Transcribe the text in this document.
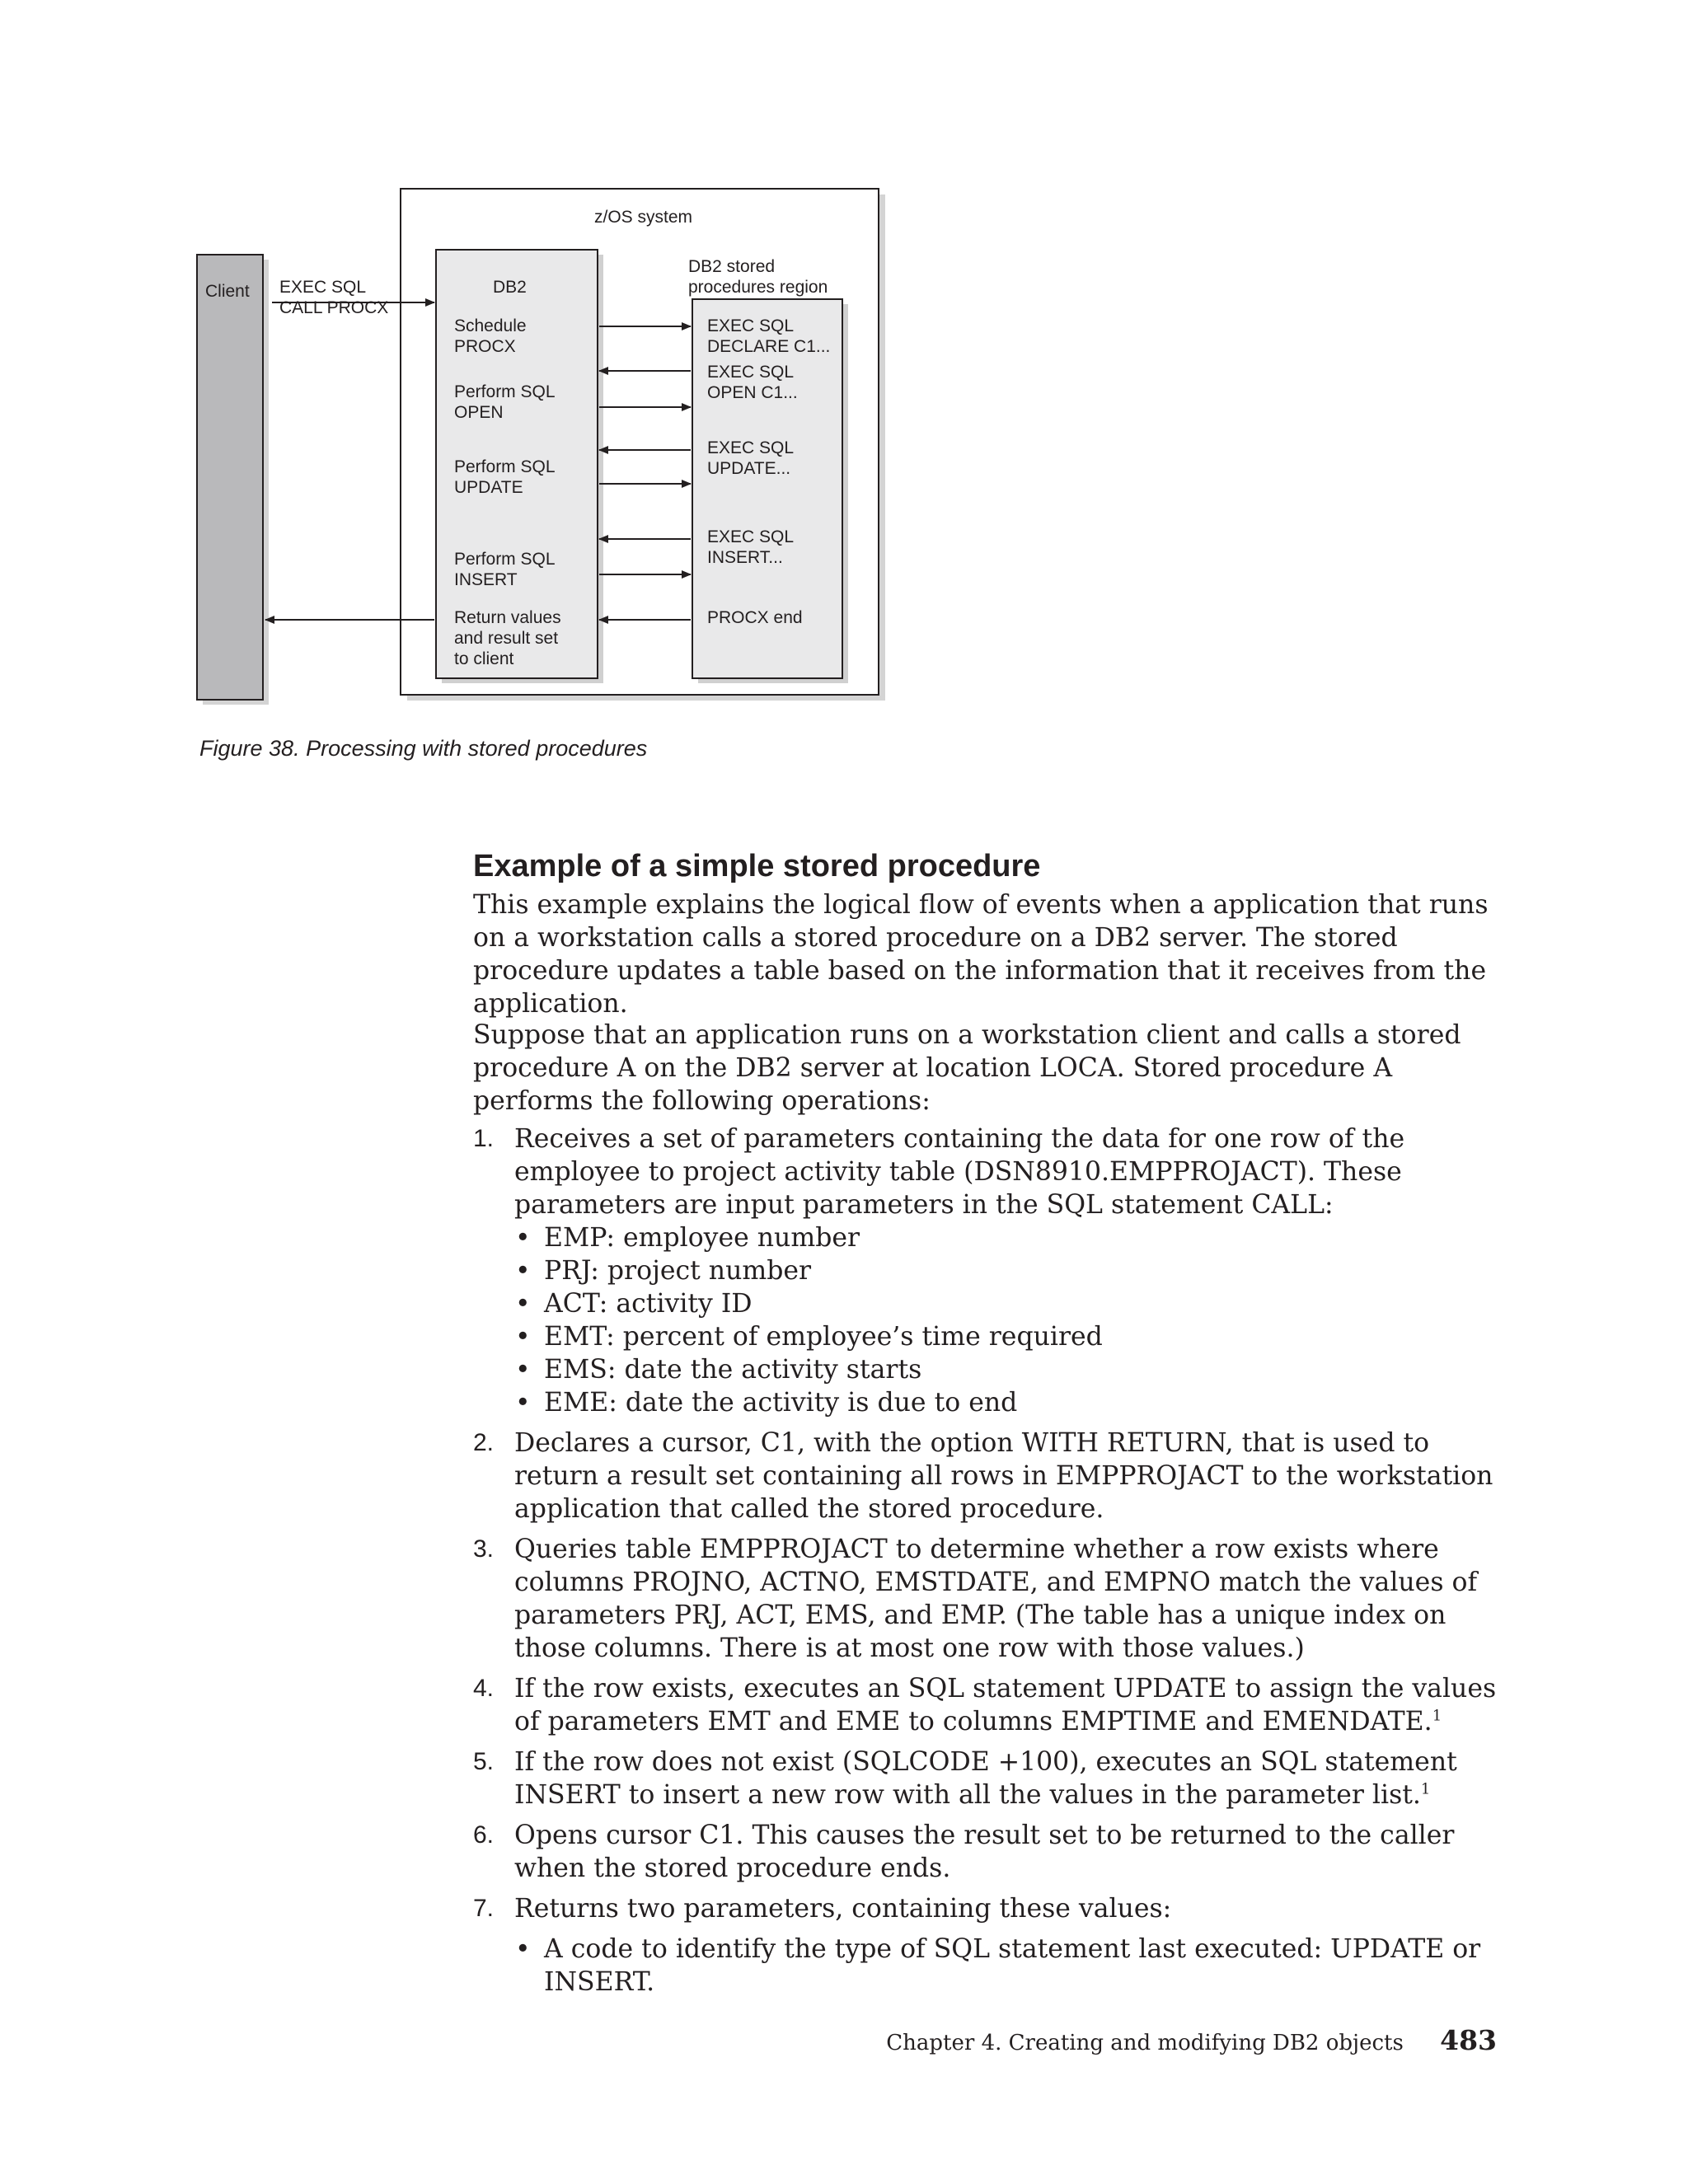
z/OS system
Client EXEC SQL
CALL PROCX
DB2
DB2 stored
procedures region
Schedule
PROCX
Perform SQL
OPEN
Perform SQL
UPDATE
Perform SQL
INSERT
Return values
and result set
to client
EXEC SQL
DECLARE C1...
EXEC SQL
OPEN C1...
EXEC SQL
UPDATE...
EXEC SQL
INSERT...
PROCX end
Figure 38. Processing with stored procedures
Example of a simple stored procedure

This example explains the logical flow of events when a application that runs on a workstation calls a stored procedure on a DB2 server. The stored procedure updates a table based on the information that it receives from the application.

Suppose that an application runs on a workstation client and calls a stored procedure A on the DB2 server at location LOCA. Stored procedure A performs the following operations:

1. Receives a set of parameters containing the data for one row of the employee to project activity table (DSN8910.EMPPROJACT). These parameters are input parameters in the SQL statement CALL:
• EMP: employee number
• PRJ: project number
• ACT: activity ID
• EMT: percent of employee’s time required
• EMS: date the activity starts
• EME: date the activity is due to end
2. Declares a cursor, C1, with the option WITH RETURN, that is used to return a result set containing all rows in EMPPROJACT to the workstation application that called the stored procedure.
3. Queries table EMPPROJACT to determine whether a row exists where columns PROJNO, ACTNO, EMSTDATE, and EMPNO match the values of parameters PRJ, ACT, EMS, and EMP. (The table has a unique index on those columns. There is at most one row with those values.)
4. If the row exists, executes an SQL statement UPDATE to assign the values of parameters EMT and EME to columns EMPTIME and EMENDATE.$^1$
5. If the row does not exist (SQLCODE +100), executes an SQL statement INSERT to insert a new row with all the values in the parameter list.$^1$
6. Opens cursor C1. This causes the result set to be returned to the caller when the stored procedure ends.
7. Returns two parameters, containing these values:
• A code to identify the type of SQL statement last executed: UPDATE or INSERT.
Chapter 4. Creating and modifying DB2 objects 483
